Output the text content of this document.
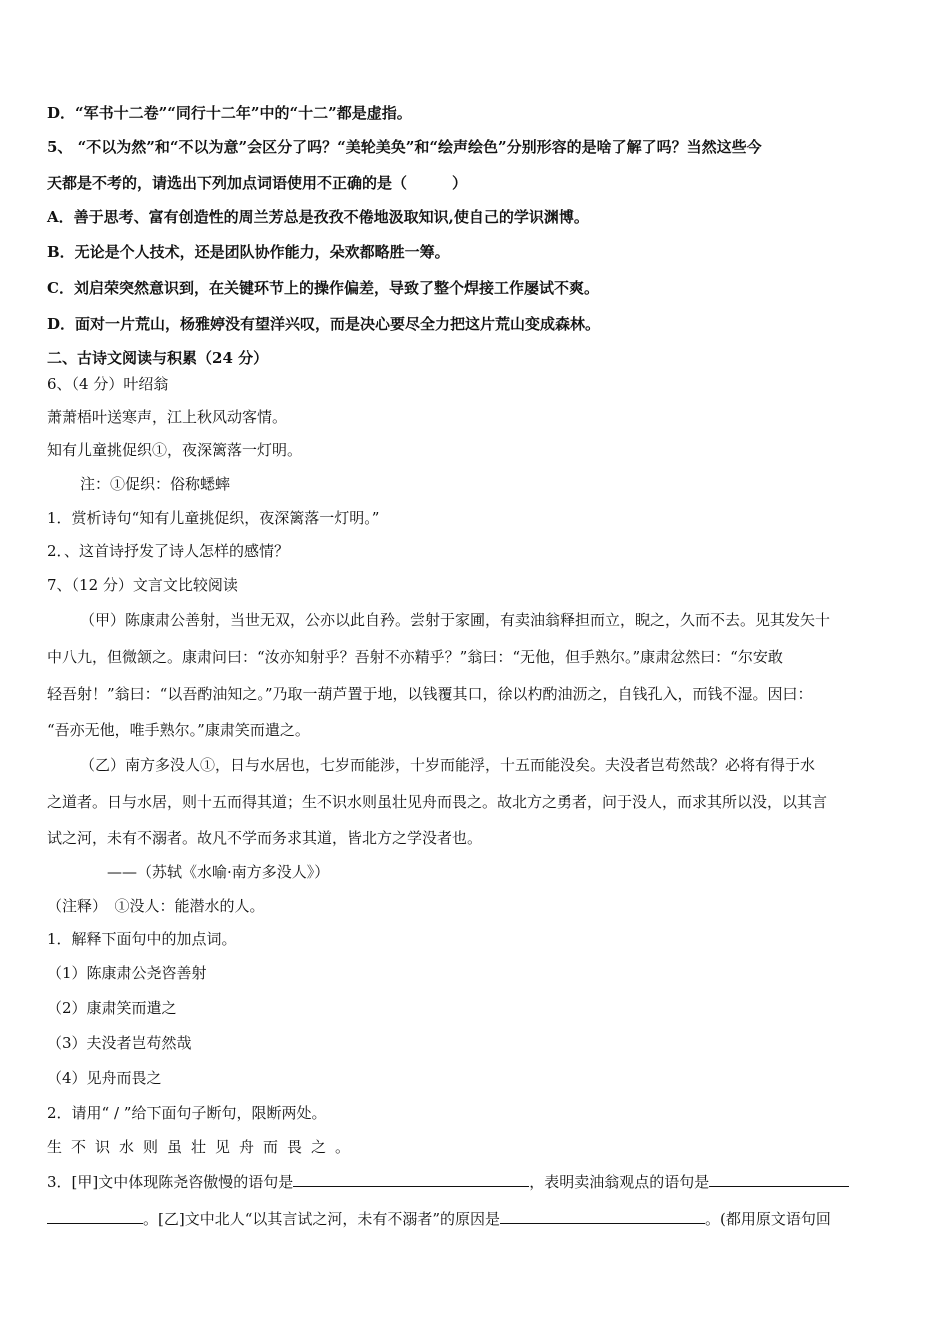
D．“军书十二卷”“同行十二年”中的“十二”都是虚指。
5、 “不以为然”和“不以为意”会区分了吗？“美轮美奂”和“绘声绘色”分别形容的是啥了解了吗？当然这些今
天都是不考的，请选出下列加点词语使用不正确的是（　　　）
A．善于思考、富有创造性的周兰芳总是孜孜不倦地汲取知识,使自己的学识渊博。
B．无论是个人技术，还是团队协作能力，朵欢都略胜一筹。
C．刘启荣突然意识到，在关键环节上的操作偏差，导致了整个焊接工作屡试不爽。
D．面对一片荒山，杨雅婷没有望洋兴叹，而是决心要尽全力把这片荒山变成森林。
二、古诗文阅读与积累（24 分）
6、（4 分）叶绍翁
萧萧梧叶送寒声，江上秋风动客情。
知有儿童挑促织①，夜深篱落一灯明。
注：①促织：俗称蟋蟀
1．赏析诗句“知有儿童挑促织，夜深篱落一灯明。”
2．、这首诗抒发了诗人怎样的感情？
7、（12 分）文言文比较阅读
（甲）陈康肃公善射，当世无双，公亦以此自矜。尝射于家圃，有卖油翁释担而立，睨之，久而不去。见其发矢十
中八九，但微颔之。康肃问曰：“汝亦知射乎？吾射不亦精乎？”翁曰：“无他，但手熟尔。”康肃忿然曰：“尔安敢
轻吾射！”翁曰：“以吾酌油知之。”乃取一葫芦置于地，以钱覆其口，徐以杓酌油沥之，自钱孔入，而钱不湿。因曰：
“吾亦无他，唯手熟尔。”康肃笑而遣之。
（乙）南方多没人①，日与水居也，七岁而能涉，十岁而能浮，十五而能没矣。夫没者岂苟然哉？必将有得于水
之道者。日与水居，则十五而得其道；生不识水则虽壮见舟而畏之。故北方之勇者，问于没人，而求其所以没，以其言
试之河，未有不溺者。故凡不学而务求其道，皆北方之学没者也。
——（苏轼《水喻·南方多没人》）
（注释）　①没人：能潜水的人。
1．解释下面句中的加点词。
（1）陈康肃公尧咨善射
（2）康肃笑而遣之
（3）夫没者岂苟然哉
（4）见舟而畏之
2．请用“ / ”给下面句子断句，限断两处。
生不识水则虽壮见舟而畏之。
3．[甲]文中体现陈尧咨傲慢的语句是	，表明卖油翁观点的语句是
。[乙]文中北人“以其言试之河，未有不溺者”的原因是	。(都用原文语句回
